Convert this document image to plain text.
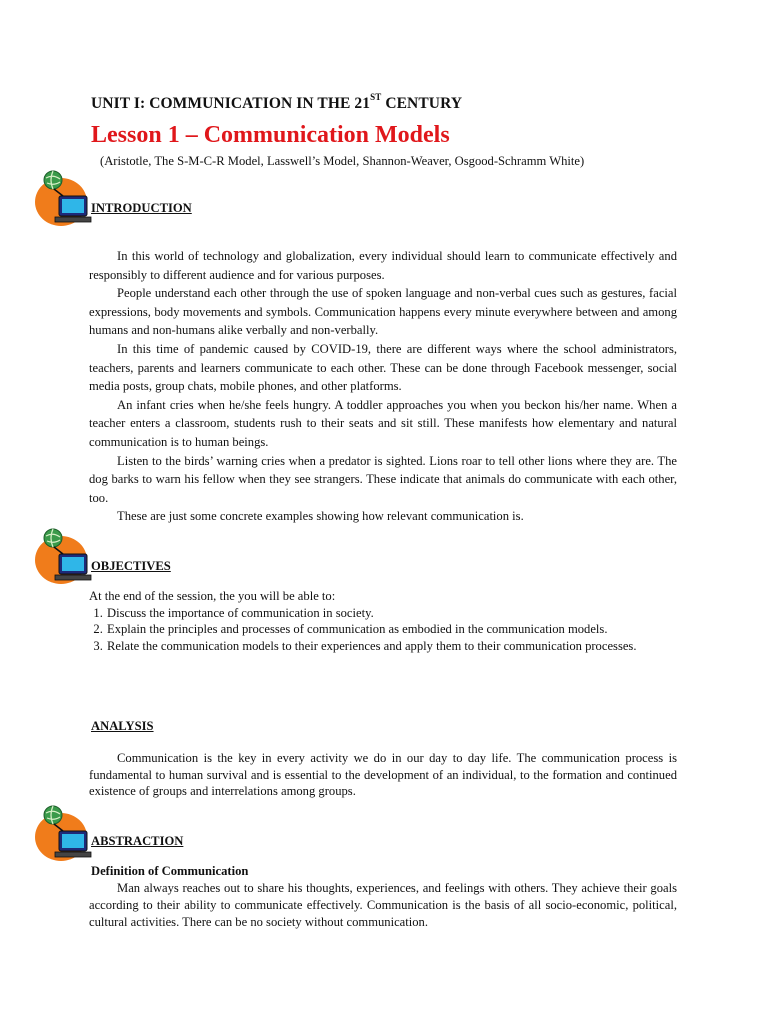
UNIT I: COMMUNICATION IN THE 21ST CENTURY
Lesson 1 – Communication Models
(Aristotle, The S-M-C-R Model, Lasswell’s Model, Shannon-Weaver, Osgood-Schramm White)
INTRODUCTION

In this world of technology and globalization, every individual should learn to communicate effectively and responsibly to different audience and for various purposes.

People understand each other through the use of spoken language and non-verbal cues such as gestures, facial expressions, body movements and symbols. Communication happens every minute everywhere between and among humans and non-humans alike verbally and non-verbally.

In this time of pandemic caused by COVID-19, there are different ways where the school administrators, teachers, parents and learners communicate to each other. These can be done through Facebook messenger, social media posts, group chats, mobile phones, and other platforms.

An infant cries when he/she feels hungry. A toddler approaches you when you beckon his/her name. When a teacher enters a classroom, students rush to their seats and sit still. These manifests how elementary and natural communication is to human beings.

Listen to the birds’ warning cries when a predator is sighted. Lions roar to tell other lions where they are. The dog barks to warn his fellow when they see strangers. These indicate that animals do communicate with each other, too.

These are just some concrete examples showing how relevant communication is.

OBJECTIVES

At the end of the session, the you will be able to:

1. Discuss the importance of communication in society.
2. Explain the principles and processes of communication as embodied in the communication models.
3. Relate the communication models to their experiences and apply them to their communication processes.
ANALYSIS

Communication is the key in every activity we do in our day to day life. The communication process is fundamental to human survival and is essential to the development of an individual, to the formation and continued existence of groups and interrelations among groups.

ABSTRACTION
Definition of Communication

Man always reaches out to share his thoughts, experiences, and feelings with others. They achieve their goals according to their ability to communicate effectively. Communication is the basis of all socio-economic, political, cultural activities. There can be no society without communication.
